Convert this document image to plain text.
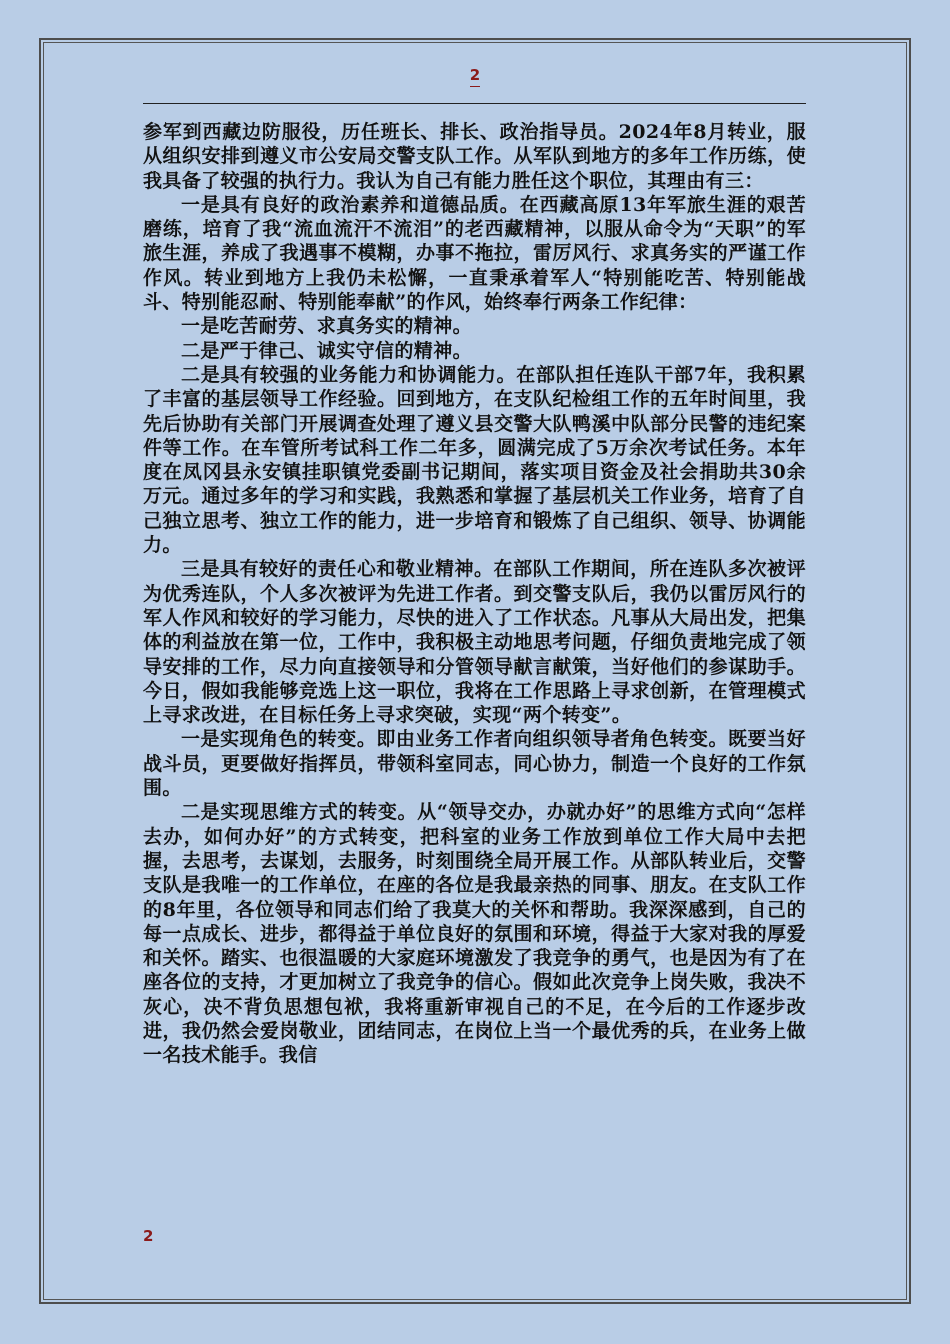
2

参军到西藏边防服役，历任班长、排长、政治指导员。2024年8月转业，服从组织安排到遵义市公安局交警支队工作。从军队到地方的多年工作历练，使我具备了较强的执行力。我认为自己有能力胜任这个职位，其理由有三：

一是具有良好的政治素养和道德品质。在西藏高原13年军旅生涯的艰苦磨练，培育了我“流血流汗不流泪”的老西藏精神，以服从命令为“天职”的军旅生涯，养成了我遇事不模糊，办事不拖拉，雷厉风行、求真务实的严谨工作作风。转业到地方上我仍未松懈，一直秉承着军人“特别能吃苦、特别能战斗、特别能忍耐、特别能奉献”的作风，始终奉行两条工作纪律：

一是吃苦耐劳、求真务实的精神。

二是严于律己、诚实守信的精神。

二是具有较强的业务能力和协调能力。在部队担任连队干部7年，我积累了丰富的基层领导工作经验。回到地方，在支队纪检组工作的五年时间里，我先后协助有关部门开展调查处理了遵义县交警大队鸭溪中队部分民警的违纪案件等工作。在车管所考试科工作二年多，圆满完成了5万余次考试任务。本年度在凤冈县永安镇挂职镇党委副书记期间，落实项目资金及社会捐助共30余万元。通过多年的学习和实践，我熟悉和掌握了基层机关工作业务，培育了自己独立思考、独立工作的能力，进一步培育和锻炼了自己组织、领导、协调能力。

三是具有较好的责任心和敬业精神。在部队工作期间，所在连队多次被评为优秀连队，个人多次被评为先进工作者。到交警支队后，我仍以雷厉风行的军人作风和较好的学习能力，尽快的进入了工作状态。凡事从大局出发，把集体的利益放在第一位，工作中，我积极主动地思考问题，仔细负责地完成了领导安排的工作，尽力向直接领导和分管领导献言献策，当好他们的参谋助手。今日，假如我能够竞选上这一职位，我将在工作思路上寻求创新，在管理模式上寻求改进，在目标任务上寻求突破，实现“两个转变”。

一是实现角色的转变。即由业务工作者向组织领导者角色转变。既要当好战斗员，更要做好指挥员，带领科室同志，同心协力，制造一个良好的工作氛围。

二是实现思维方式的转变。从“领导交办，办就办好”的思维方式向“怎样去办，如何办好”的方式转变，把科室的业务工作放到单位工作大局中去把握，去思考，去谋划，去服务，时刻围绕全局开展工作。从部队转业后，交警支队是我唯一的工作单位，在座的各位是我最亲热的同事、朋友。在支队工作的8年里，各位领导和同志们给了我莫大的关怀和帮助。我深深感到，自己的每一点成长、进步，都得益于单位良好的氛围和环境，得益于大家对我的厚爱和关怀。踏实、也很温暖的大家庭环境激发了我竞争的勇气，也是因为有了在座各位的支持，才更加树立了我竞争的信心。假如此次竞争上岗失败，我决不灰心，决不背负思想包袱，我将重新审视自己的不足，在今后的工作逐步改进，我仍然会爱岗敬业，团结同志，在岗位上当一个最优秀的兵，在业务上做一名技术能手。我信

2
